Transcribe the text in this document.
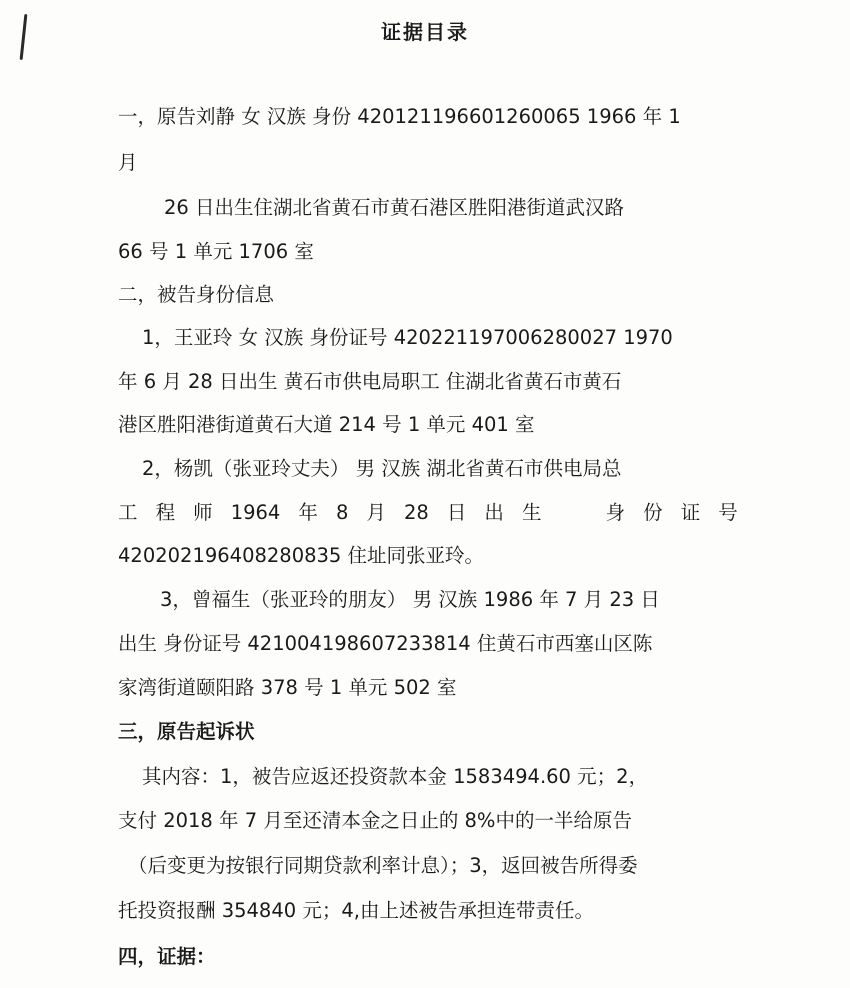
证据目录
一，原告刘静 女 汉族 身份 420121196601260065 1966 年 1
月
26 日出生住湖北省黄石市黄石港区胜阳港街道武汉路
66 号 1 单元 1706 室
二，被告身份信息
1，王亚玲 女 汉族 身份证号 420221197006280027 1970
年 6 月 28 日出生 黄石市供电局职工 住湖北省黄石市黄石
港区胜阳港街道黄石大道 214 号 1 单元 401 室
2，杨凯（张亚玲丈夫） 男 汉族 湖北省黄石市供电局总
工 程 师 1964 年 8 月 28 日 出 生	身 份 证 号
420202196408280835 住址同张亚玲。
3，曾福生（张亚玲的朋友） 男 汉族 1986 年 7 月 23 日
出生 身份证号 421004198607233814 住黄石市西塞山区陈
家湾街道颐阳路 378 号 1 单元 502 室
三，原告起诉状
其内容：1，被告应返还投资款本金 1583494.60 元；2，
支付 2018 年 7 月至还清本金之日止的 8%中的一半给原告
（后变更为按银行同期贷款利率计息）；3，返回被告所得委
托投资报酬 354840 元；4,由上述被告承担连带责任。
四，证据：
